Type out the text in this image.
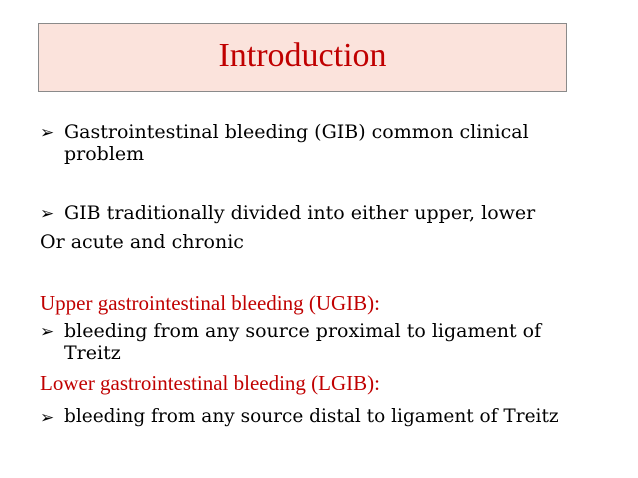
Introduction
➢ Gastrointestinal bleeding (GIB) common clinical
problem
➢ GIB traditionally divided into either upper, lower
Or acute and chronic
Upper gastrointestinal bleeding (UGIB):
➢ bleeding from any source proximal to ligament of
Treitz
Lower gastrointestinal bleeding (LGIB):
➢ bleeding from any source distal to ligament of Treitz
